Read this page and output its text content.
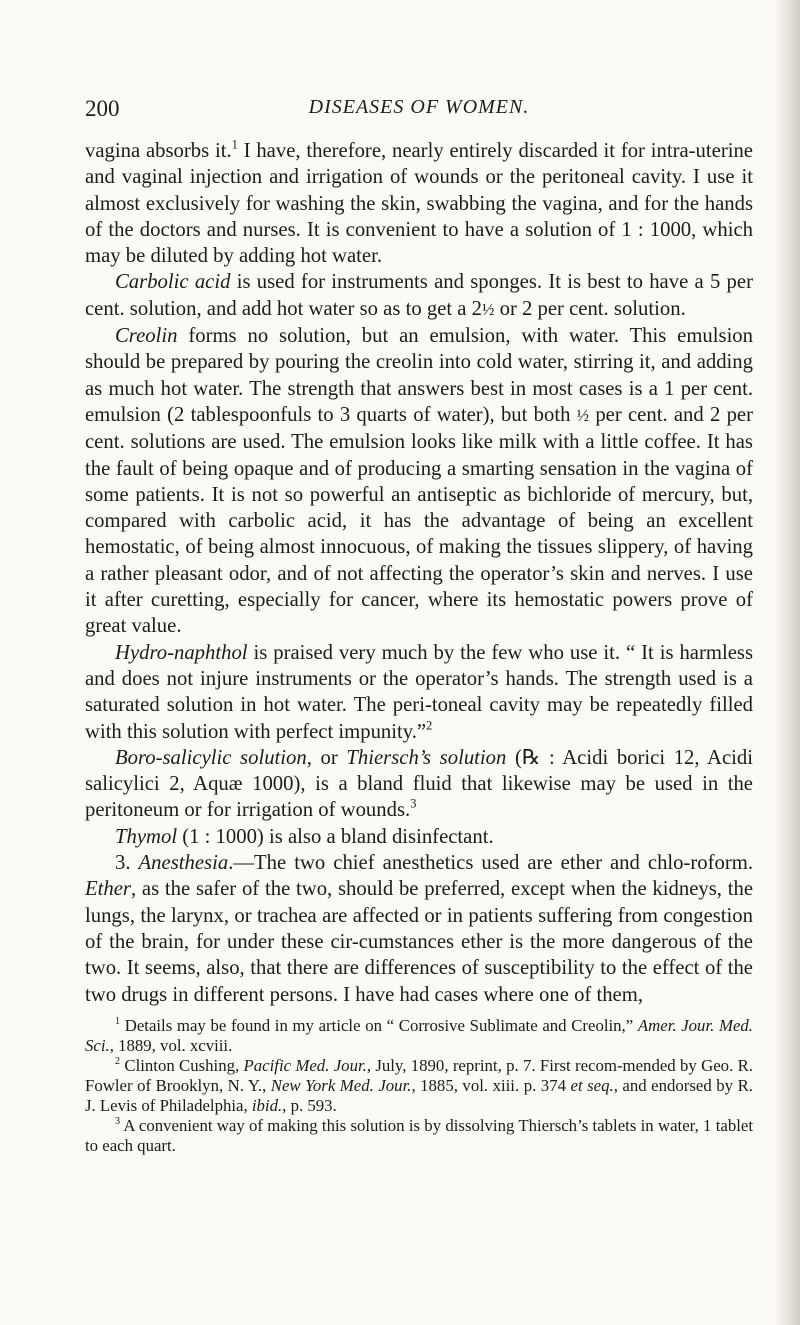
200	DISEASES OF WOMEN.

vagina absorbs it.$^1$ I have, therefore, nearly entirely discarded it for intra-uterine and vaginal injection and irrigation of wounds or the peritoneal cavity. I use it almost exclusively for washing the skin, swabbing the vagina, and for the hands of the doctors and nurses. It is convenient to have a solution of 1 : 1000, which may be diluted by adding hot water.

Carbolic acid is used for instruments and sponges. It is best to have a 5 per cent. solution, and add hot water so as to get a 2½ or 2 per cent. solution.

Creolin forms no solution, but an emulsion, with water. This emulsion should be prepared by pouring the creolin into cold water, stirring it, and adding as much hot water. The strength that answers best in most cases is a 1 per cent. emulsion (2 tablespoonfuls to 3 quarts of water), but both ½ per cent. and 2 per cent. solutions are used. The emulsion looks like milk with a little coffee. It has the fault of being opaque and of producing a smarting sensation in the vagina of some patients. It is not so powerful an antiseptic as bichloride of mercury, but, compared with carbolic acid, it has the advantage of being an excellent hemostatic, of being almost innocuous, of making the tissues slippery, of having a rather pleasant odor, and of not affecting the operator’s skin and nerves. I use it after curetting, especially for cancer, where its hemostatic powers prove of great value.

Hydro-naphthol is praised very much by the few who use it. “ It is harmless and does not injure instruments or the operator’s hands. The strength used is a saturated solution in hot water. The peri-toneal cavity may be repeatedly filled with this solution with perfect impunity.”$^2$

Boro-salicylic solution, or Thiersch’s solution (℞ : Acidi borici 12, Acidi salicylici 2, Aquæ 1000), is a bland fluid that likewise may be used in the peritoneum or for irrigation of wounds.$^3$

Thymol (1 : 1000) is also a bland disinfectant.

3. Anesthesia.—The two chief anesthetics used are ether and chlo-roform. Ether, as the safer of the two, should be preferred, except when the kidneys, the lungs, the larynx, or trachea are affected or in patients suffering from congestion of the brain, for under these cir-cumstances ether is the more dangerous of the two. It seems, also, that there are differences of susceptibility to the effect of the two drugs in different persons. I have had cases where one of them,

$^1$ Details may be found in my article on “ Corrosive Sublimate and Creolin,” Amer. Jour. Med. Sci., 1889, vol. xcviii.

$^2$ Clinton Cushing, Pacific Med. Jour., July, 1890, reprint, p. 7. First recom-mended by Geo. R. Fowler of Brooklyn, N. Y., New York Med. Jour., 1885, vol. xiii. p. 374 et seq., and endorsed by R. J. Levis of Philadelphia, ibid., p. 593.

$^3$ A convenient way of making this solution is by dissolving Thiersch’s tablets in water, 1 tablet to each quart.
